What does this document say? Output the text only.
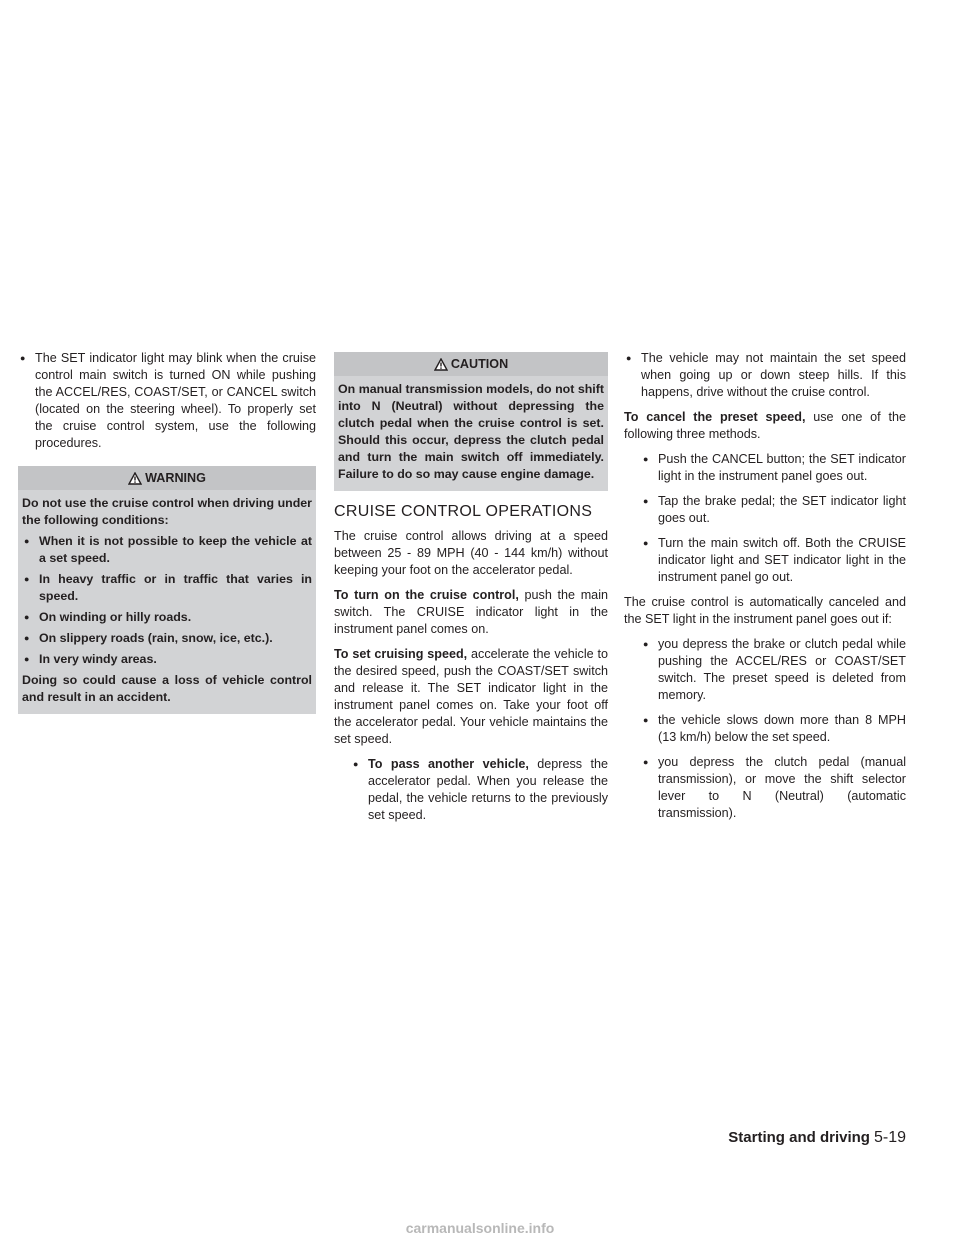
● The SET indicator light may blink when the cruise control main switch is turned ON while pushing the ACCEL/RES, COAST/SET, or CANCEL switch (located on the steering wheel). To properly set the cruise control system, use the following procedures.
WARNING

Do not use the cruise control when driving under the following conditions:

● When it is not possible to keep the vehicle at a set speed.
● In heavy traffic or in traffic that varies in speed.
● On winding or hilly roads.
● On slippery roads (rain, snow, ice, etc.).
● In very windy areas.

Doing so could cause a loss of vehicle control and result in an accident.

CAUTION

On manual transmission models, do not shift into N (Neutral) without depressing the clutch pedal when the cruise control is set. Should this occur, depress the clutch pedal and turn the main switch off immediately. Failure to do so may cause engine damage.

CRUISE CONTROL OPERATIONS

The cruise control allows driving at a speed between 25 - 89 MPH (40 - 144 km/h) without keeping your foot on the accelerator pedal.

To turn on the cruise control, push the main switch. The CRUISE indicator light in the instrument panel comes on.

To set cruising speed, accelerate the vehicle to the desired speed, push the COAST/SET switch and release it. The SET indicator light in the instrument panel comes on. Take your foot off the accelerator pedal. Your vehicle maintains the set speed.

● To pass another vehicle, depress the accelerator pedal. When you release the pedal, the vehicle returns to the previously set speed.
● The vehicle may not maintain the set speed when going up or down steep hills. If this happens, drive without the cruise control.

To cancel the preset speed, use one of the following three methods.

● Push the CANCEL button; the SET indicator light in the instrument panel goes out.
● Tap the brake pedal; the SET indicator light goes out.
● Turn the main switch off. Both the CRUISE indicator light and SET indicator light in the instrument panel go out.

The cruise control is automatically canceled and the SET light in the instrument panel goes out if:

● you depress the brake or clutch pedal while pushing the ACCEL/RES or COAST/SET switch. The preset speed is deleted from memory.
● the vehicle slows down more than 8 MPH (13 km/h) below the set speed.
● you depress the clutch pedal (manual transmission), or move the shift selector lever to N (Neutral) (automatic transmission).
Starting and driving 5-19
carmanualsonline.info
